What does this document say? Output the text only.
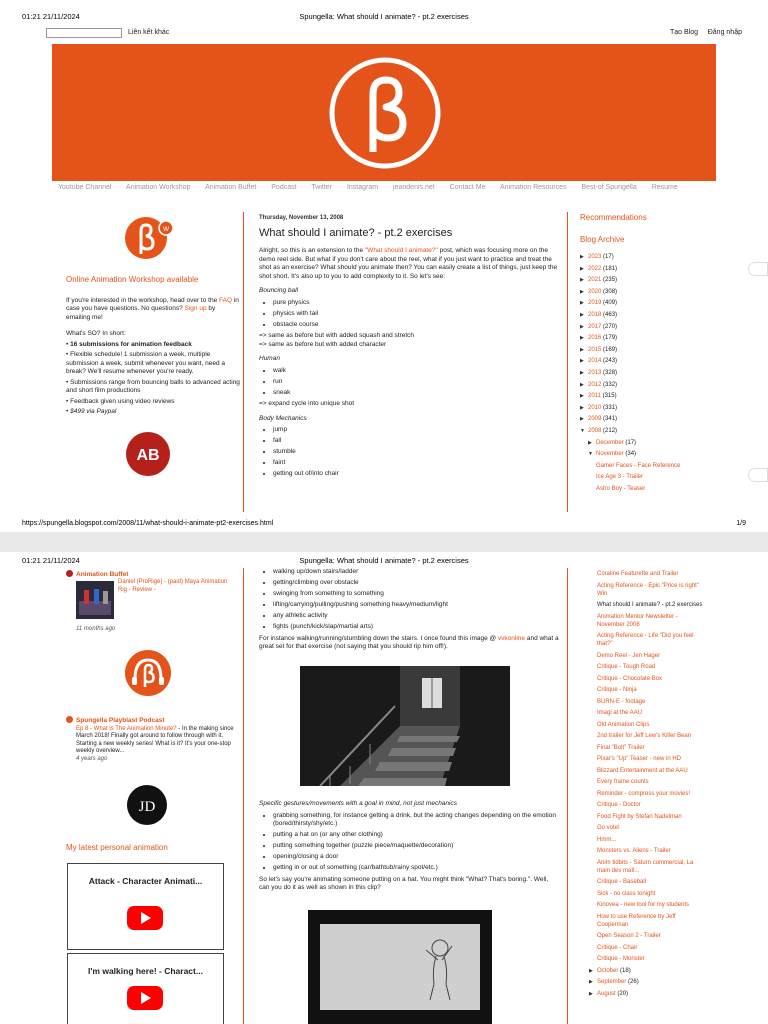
01:21 21/11/2024	Spungella: What should I animate? - pt.2 exercises
Liên kết khác	Tạo Blog Đăng nhập
Youtube Channel Animation Workshop Animation Buffet Podcast Twitter Instagram jeandenis.net Contact Me Animation Resources Best-of Spungella Resume
w
Online Animation Workshop available

If you're interested in the workshop, head over to the FAQ in case you have questions. No questions? Sign up by emailing me!

What's SO? In short:

• 16 submissions for animation feedback
• Flexible schedule! 1 submission a week, multiple submission a week, submit whenever you want, need a break? We'll resume whenever you're ready.
• Submissions range from bouncing balls to advanced acting and short film productions
• Feedback given using video reviews
• $499 via Paypal
AB
Thursday, November 13, 2008
What should I animate? - pt.2 exercises

Alright, so this is an extension to the "What should I animate?" post, which was focusing more on the demo reel side. But what if you don't care about the reel, what if you just want to practice and treat the shot as an exercise? What should you animate then? You can easily create a list of things, just keep the shot short. It's also up to you to add complexity to it. So let's see:

Bouncing ball
• pure physics
• physics with tail
• obstacle course
=> same as before but with added squash and stretch
=> same as before but with added character
Human
• walk
• run
• sneak
=> expand cycle into unique shot
Body Mechanics
• jump
• fall
• stumble
• faint
• getting out of/into chair
Recommendations
Blog Archive
▶ 2023 (17)
▶ 2022 (181)
▶ 2021 (235)
▶ 2020 (308)
▶ 2019 (409)
▶ 2018 (463)
▶ 2017 (270)
▶ 2016 (179)
▶ 2015 (169)
▶ 2014 (243)
▶ 2013 (328)
▶ 2012 (332)
▶ 2011 (315)
▶ 2010 (331)
▶ 2009 (341)
▼ 2008 (212)
▶ December (17)
▼ November (34)
Gamer Faces - Face Reference
Ice Age 3 - Trailer
Astro Boy - Teaser
https://spungella.blogspot.com/2008/11/what-should-i-animate-pt2-exercises.html	1/9
01:21 21/11/2024	Spungella: What should I animate? - pt.2 exercises
Animation Buffet
Daniel (ProRige) - (paid) Maya Animation Rig - Review -
11 months ago
Spungella Playblast Podcast
Ep 8 - What is The Animation Minute? - In the making since March 2018! Finally got around to follow through with it. Starting a new weekly series! What is it? It's your one-stop weekly overview...
4 years ago
JD
My latest personal animation
Attack - Character Animati...
I'm walking here! - Charact...
• walking up/down stairs/ladder
• getting/climbing over obstacle
• swinging from something to something
• lifting/carrying/pulling/pushing something heavy/medium/light
• any athletic activity
• fights (punch/kick/slap/martial arts)

For instance walking/running/stumbling down the stairs. I once found this image @ vvkonline and what a great set for that exercise (not saying that you should rip him off!).

Specific gestures/movements with a goal in mind, not just mechanics
• grabbing something, for instance getting a drink, but the acting changes depending on the emotion (bored/thirsty/shy/etc.)
• putting a hat on (or any other clothing)
• putting something together (puzzle piece/maquette/decoration)
• opening/closing a door
• getting in or out of something (car/bathtub/rainy spot/etc.)

So let's say you're animating someone putting on a hat. You might think "What? That's boring.". Well, can you do it as well as shown in this clip?

Coraline Featurette and Trailer
Acting Reference - Epic "Price is right" Win
What should I animate? - pt.2 exercises
Animation Mentor Newsletter - November 2008
Acting Reference - Life "Did you feel that?"
Demo Reel - Jen Hager
Critique - Tough Road
Critique - Chocolate Box
Critique - Ninja
BURN-E - footage
Imagi at the AAU
Old Animation Clips
2nd trailer for Jeff Lew's Killer Bean
Final "Bolt" Trailer
Pixar's "Up" Teaser - new in HD
Blizzard Entertainment at the AAU
Every frame counts
Reminder - compress your movies!
Critique - Doctor
Food Fight by Stefan Nadelman
Go vote!
Hmm...
Monsters vs. Aliens - Trailer
Anim tidbits - Saturn commercial, La main des maîl...
Critique - Baseball
Sick - no class tonight
Kinovea - new tool for my students
How to use Reference by Jeff Cooperman
Open Season 2 - Trailer
Critique - Chair
Critique - Monster
▶ October (18)
▶ September (26)
▶ August (20)
